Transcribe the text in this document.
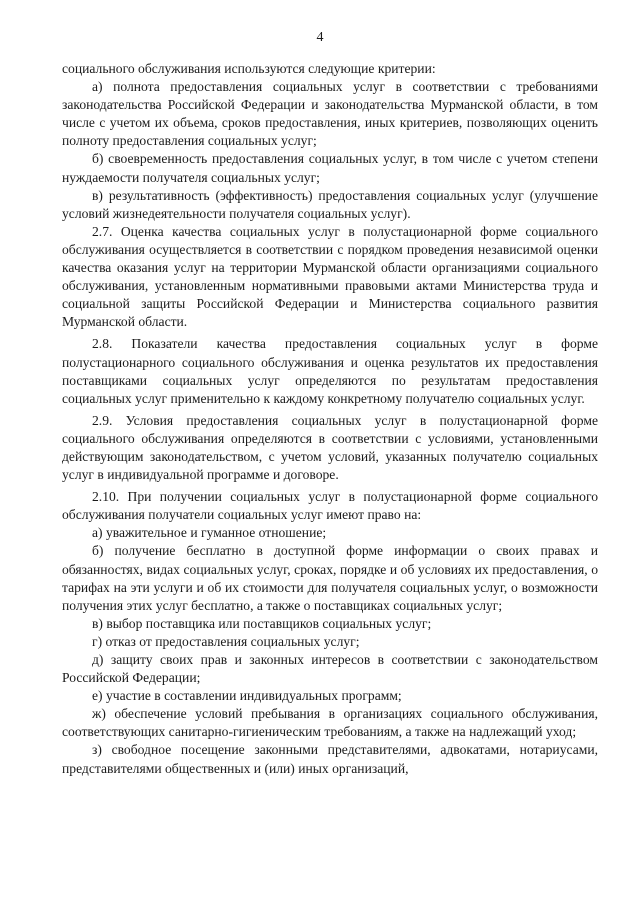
4

социального обслуживания используются следующие критерии:

а) полнота предоставления социальных услуг в соответствии с требованиями законодательства Российской Федерации и законодательства Мурманской области, в том числе с учетом их объема, сроков предоставления, иных критериев, позволяющих оценить полноту предоставления социальных услуг;

б) своевременность предоставления социальных услуг, в том числе с учетом степени нуждаемости получателя социальных услуг;

в) результативность (эффективность) предоставления социальных услуг (улучшение условий жизнедеятельности получателя социальных услуг).

2.7. Оценка качества социальных услуг в полустационарной форме социального обслуживания осуществляется в соответствии с порядком проведения независимой оценки качества оказания услуг на территории Мурманской области организациями социального обслуживания, установленным нормативными правовыми актами Министерства труда и социальной защиты Российской Федерации и Министерства социального развития Мурманской области.

2.8. Показатели качества предоставления социальных услуг в форме полустационарного социального обслуживания и оценка результатов их предоставления поставщиками социальных услуг определяются по результатам предоставления социальных услуг применительно к каждому конкретному получателю социальных услуг.

2.9. Условия предоставления социальных услуг в полустационарной форме социального обслуживания определяются в соответствии с условиями, установленными действующим законодательством, с учетом условий, указанных получателю социальных услуг в индивидуальной программе и договоре.

2.10. При получении социальных услуг в полустационарной форме социального обслуживания получатели социальных услуг имеют право на:

а) уважительное и гуманное отношение;

б) получение бесплатно в доступной форме информации о своих правах и обязанностях, видах социальных услуг, сроках, порядке и об условиях их предоставления, о тарифах на эти услуги и об их стоимости для получателя социальных услуг, о возможности получения этих услуг бесплатно, а также о поставщиках социальных услуг;

в) выбор поставщика или поставщиков социальных услуг;

г) отказ от предоставления социальных услуг;

д) защиту своих прав и законных интересов в соответствии с законодательством Российской Федерации;

е) участие в составлении индивидуальных программ;

ж) обеспечение условий пребывания в организациях социального обслуживания, соответствующих санитарно-гигиеническим требованиям, а также на надлежащий уход;

з) свободное посещение законными представителями, адвокатами, нотариусами, представителями общественных и (или) иных организаций,
